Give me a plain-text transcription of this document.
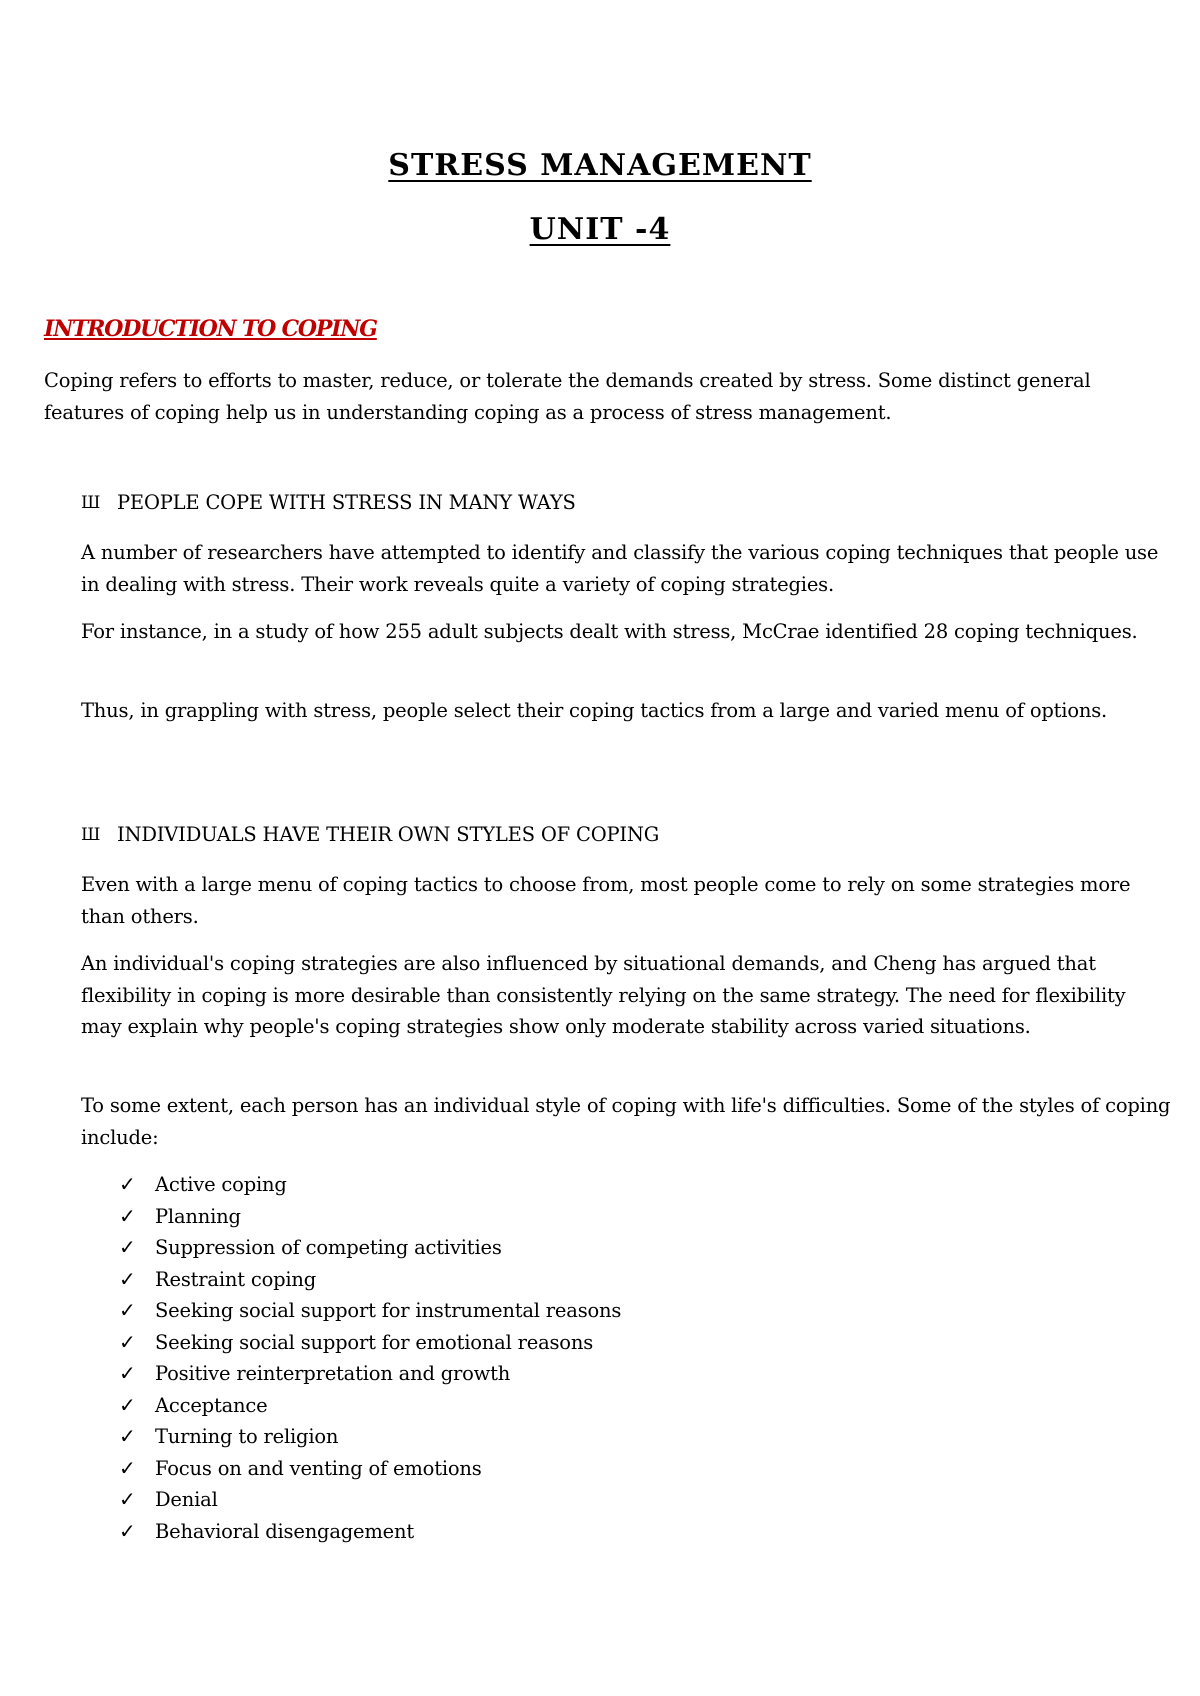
STRESS MANAGEMENT
UNIT -4
INTRODUCTION TO COPING
Coping refers to efforts to master, reduce, or tolerate the demands created by stress. Some distinct general features of coping help us in understanding coping as a process of stress management.
Ш PEOPLE COPE WITH STRESS IN MANY WAYS
A number of researchers have attempted to identify and classify the various coping techniques that people use in dealing with stress. Their work reveals quite a variety of coping strategies.
For instance, in a study of how 255 adult subjects dealt with stress, McCrae identified 28 coping techniques.
Thus, in grappling with stress, people select their coping tactics from a large and varied menu of options.
Ш INDIVIDUALS HAVE THEIR OWN STYLES OF COPING
Even with a large menu of coping tactics to choose from, most people come to rely on some strategies more than others.
An individual's coping strategies are also influenced by situational demands, and Cheng has argued that flexibility in coping is more desirable than consistently relying on the same strategy. The need for flexibility may explain why people's coping strategies show only moderate stability across varied situations.
To some extent, each person has an individual style of coping with life's difficulties. Some of the styles of coping include:
✓ Active coping
✓ Planning
✓ Suppression of competing activities
✓ Restraint coping
✓ Seeking social support for instrumental reasons
✓ Seeking social support for emotional reasons
✓ Positive reinterpretation and growth
✓ Acceptance
✓ Turning to religion
✓ Focus on and venting of emotions
✓ Denial
✓ Behavioral disengagement
